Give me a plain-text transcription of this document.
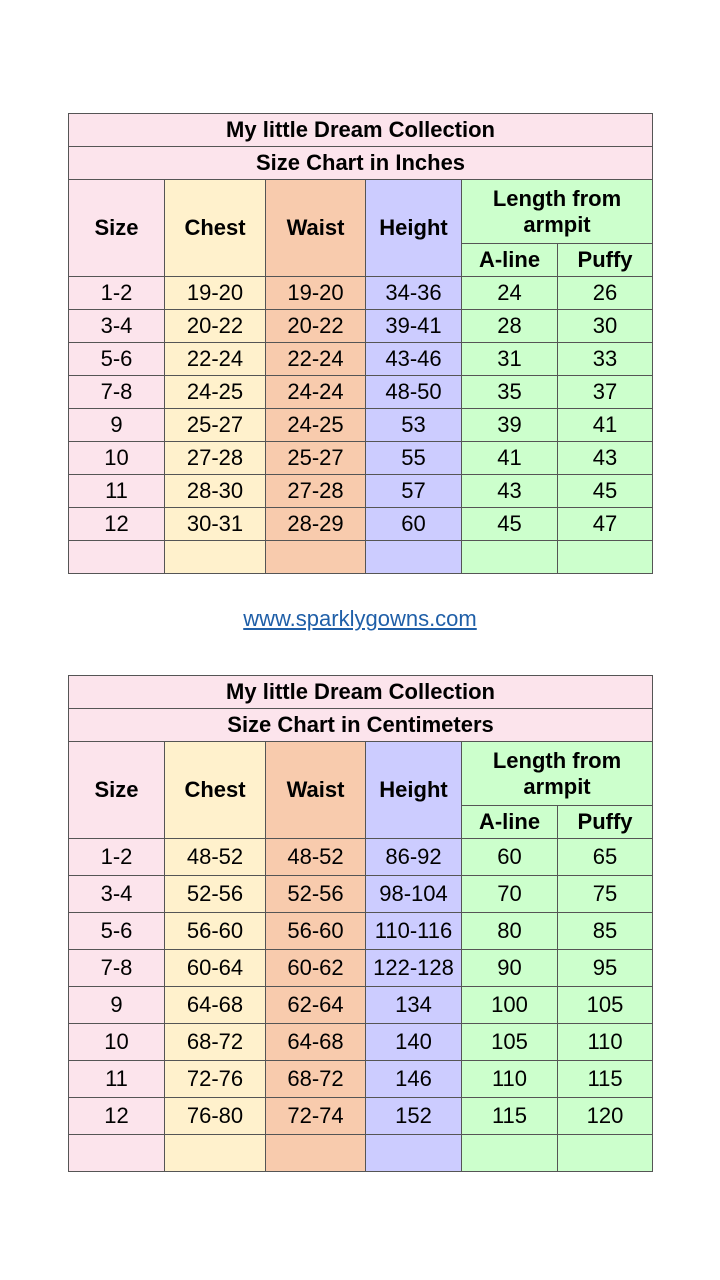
My little Dream Collection					
Size Chart in Inches					
Size	Chest	Waist	Height	Length from armpit	
				A-line	Puffy
1-2	19-20	19-20	34-36	24	26
3-4	20-22	20-22	39-41	28	30
5-6	22-24	22-24	43-46	31	33
7-8	24-25	24-24	48-50	35	37
9	25-27	24-25	53	39	41
10	27-28	25-27	55	41	43
11	28-30	27-28	57	43	45
12	30-31	28-29	60	45	47

www.sparklygowns.com
My little Dream Collection					
Size Chart in Centimeters					
Size	Chest	Waist	Height	Length from armpit	
				A-line	Puffy
1-2	48-52	48-52	86-92	60	65
3-4	52-56	52-56	98-104	70	75
5-6	56-60	56-60	110-116	80	85
7-8	60-64	60-62	122-128	90	95
9	64-68	62-64	134	100	105
10	68-72	64-68	140	105	110
11	72-76	68-72	146	110	115
12	76-80	72-74	152	115	120
